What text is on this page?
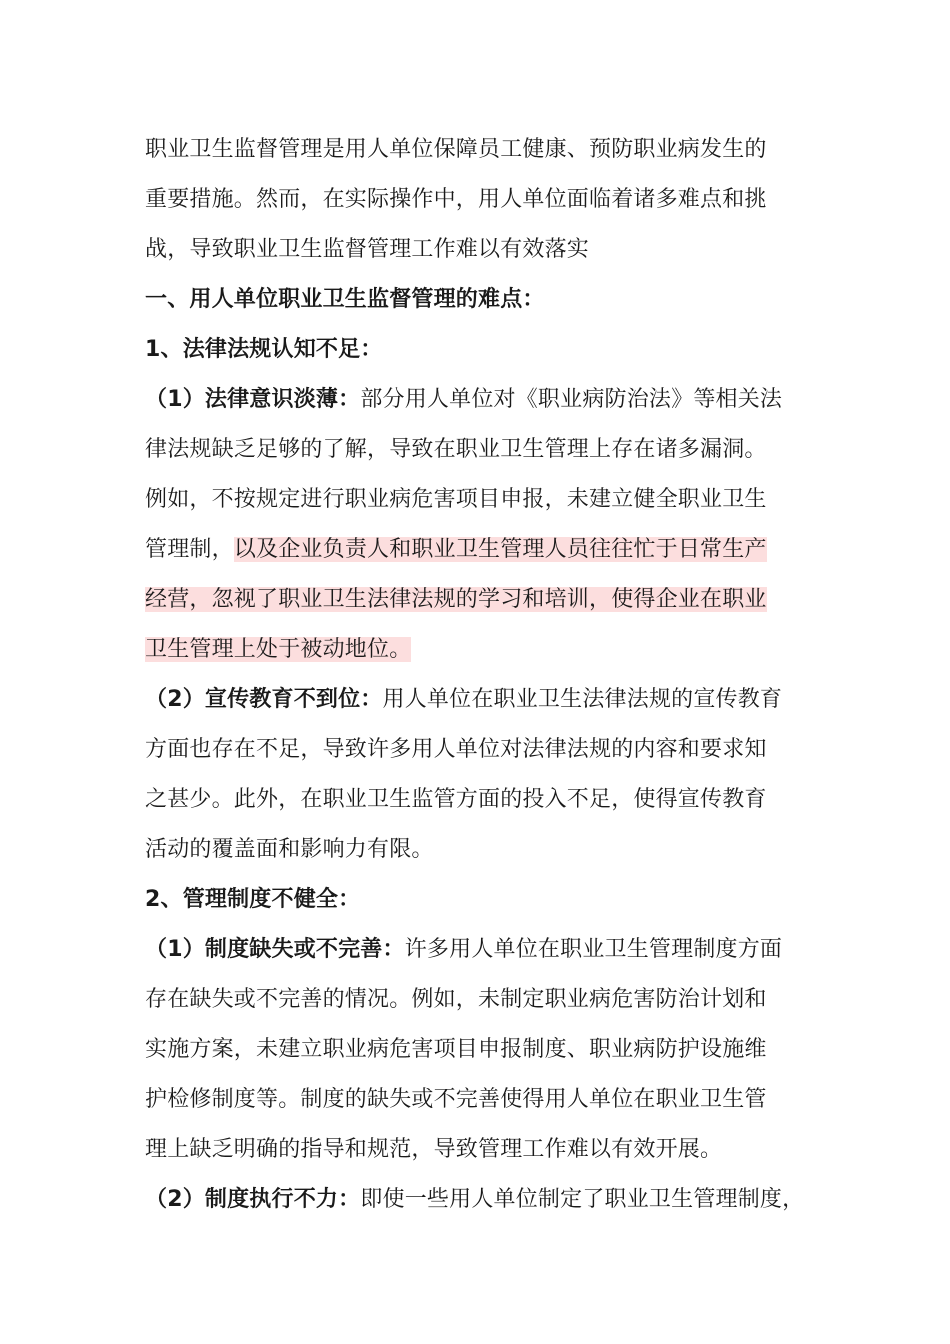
职业卫生监督管理是用人单位保障员工健康、预防职业病发生的
重要措施。然而，在实际操作中，用人单位面临着诸多难点和挑
战，导致职业卫生监督管理工作难以有效落实
一、用人单位职业卫生监督管理的难点：
1、法律法规认知不足：
（1）法律意识淡薄：部分用人单位对《职业病防治法》等相关法
律法规缺乏足够的了解，导致在职业卫生管理上存在诸多漏洞。
例如，不按规定进行职业病危害项目申报，未建立健全职业卫生
管理制，以及企业负责人和职业卫生管理人员往往忙于日常生产
经营，忽视了职业卫生法律法规的学习和培训，使得企业在职业
卫生管理上处于被动地位。
（2）宣传教育不到位：用人单位在职业卫生法律法规的宣传教育
方面也存在不足，导致许多用人单位对法律法规的内容和要求知
之甚少。此外，在职业卫生监管方面的投入不足，使得宣传教育
活动的覆盖面和影响力有限。
2、管理制度不健全：
（1）制度缺失或不完善：许多用人单位在职业卫生管理制度方面
存在缺失或不完善的情况。例如，未制定职业病危害防治计划和
实施方案，未建立职业病危害项目申报制度、职业病防护设施维
护检修制度等。制度的缺失或不完善使得用人单位在职业卫生管
理上缺乏明确的指导和规范，导致管理工作难以有效开展。
（2）制度执行不力：即使一些用人单位制定了职业卫生管理制度，
